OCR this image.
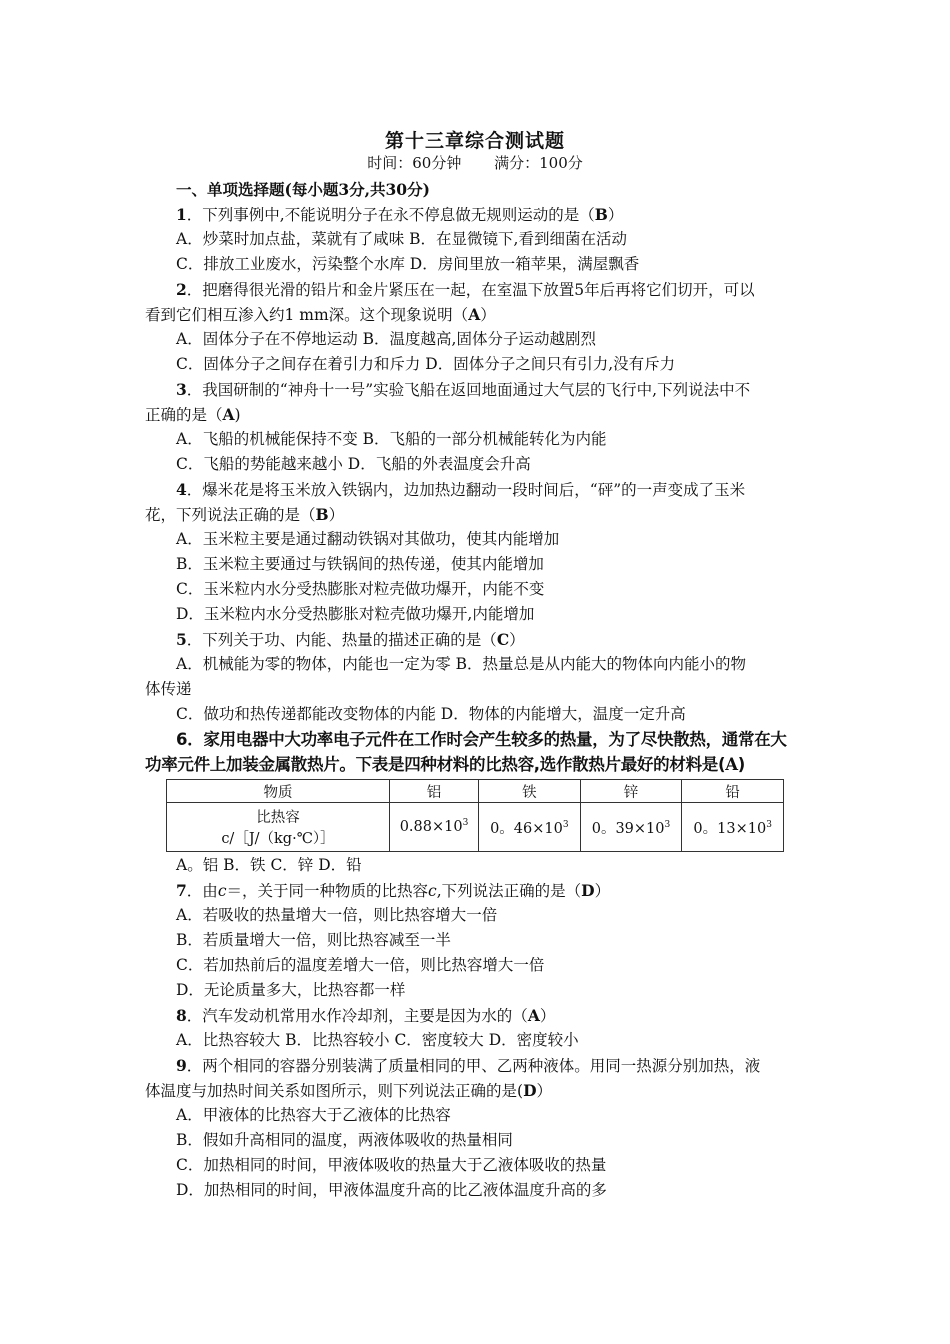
第十三章综合测试题
时间：60分钟 满分：100分
一、单项选择题(每小题3分,共30分)
1．下列事例中,不能说明分子在永不停息做无规则运动的是（B）
A．炒菜时加点盐，菜就有了咸味 B．在显微镜下,看到细菌在活动
C．排放工业废水，污染整个水库 D．房间里放一箱苹果，满屋飘香
2．把磨得很光滑的铅片和金片紧压在一起，在室温下放置5年后再将它们切开，可以
看到它们相互渗入约1 mm深。这个现象说明（A）
A．固体分子在不停地运动 B．温度越高,固体分子运动越剧烈
C．固体分子之间存在着引力和斥力 D．固体分子之间只有引力,没有斥力
3．我国研制的“神舟十一号”实验飞船在返回地面通过大气层的飞行中,下列说法中不
正确的是（A)
A．飞船的机械能保持不变 B．飞船的一部分机械能转化为内能
C．飞船的势能越来越小 D．飞船的外表温度会升高
4．爆米花是将玉米放入铁锅内，边加热边翻动一段时间后，“砰”的一声变成了玉米
花，下列说法正确的是（B）
A．玉米粒主要是通过翻动铁锅对其做功，使其内能增加
B．玉米粒主要通过与铁锅间的热传递，使其内能增加
C．玉米粒内水分受热膨胀对粒壳做功爆开，内能不变
D．玉米粒内水分受热膨胀对粒壳做功爆开,内能增加
5．下列关于功、内能、热量的描述正确的是（C）
A．机械能为零的物体，内能也一定为零 B．热量总是从内能大的物体向内能小的物
体传递
C．做功和热传递都能改变物体的内能 D．物体的内能增大，温度一定升高
6．家用电器中大功率电子元件在工作时会产生较多的热量，为了尽快散热，通常在大
功率元件上加装金属散热片。下表是四种材料的比热容,选作散热片最好的材料是(A)
物质	铝	铁	锌	铅

比热容
c/［J/（kg·℃）］	$0.88\times 10^3$	0。$46\times 10^3$	0。$39\times 10^3$	0。$13\times 10^3$
A。铝 B．铁 C．锌 D．铅
7．由c＝，关于同一种物质的比热容c,下列说法正确的是（D）
A．若吸收的热量增大一倍，则比热容增大一倍
B．若质量增大一倍，则比热容减至一半
C．若加热前后的温度差增大一倍，则比热容增大一倍
D．无论质量多大，比热容都一样
8．汽车发动机常用水作冷却剂，主要是因为水的（A）
A．比热容较大 B．比热容较小 C．密度较大 D．密度较小
9．两个相同的容器分别装满了质量相同的甲、乙两种液体。用同一热源分别加热，液
体温度与加热时间关系如图所示，则下列说法正确的是(D）
A．甲液体的比热容大于乙液体的比热容
B．假如升高相同的温度，两液体吸收的热量相同
C．加热相同的时间，甲液体吸收的热量大于乙液体吸收的热量
D．加热相同的时间，甲液体温度升高的比乙液体温度升高的多
